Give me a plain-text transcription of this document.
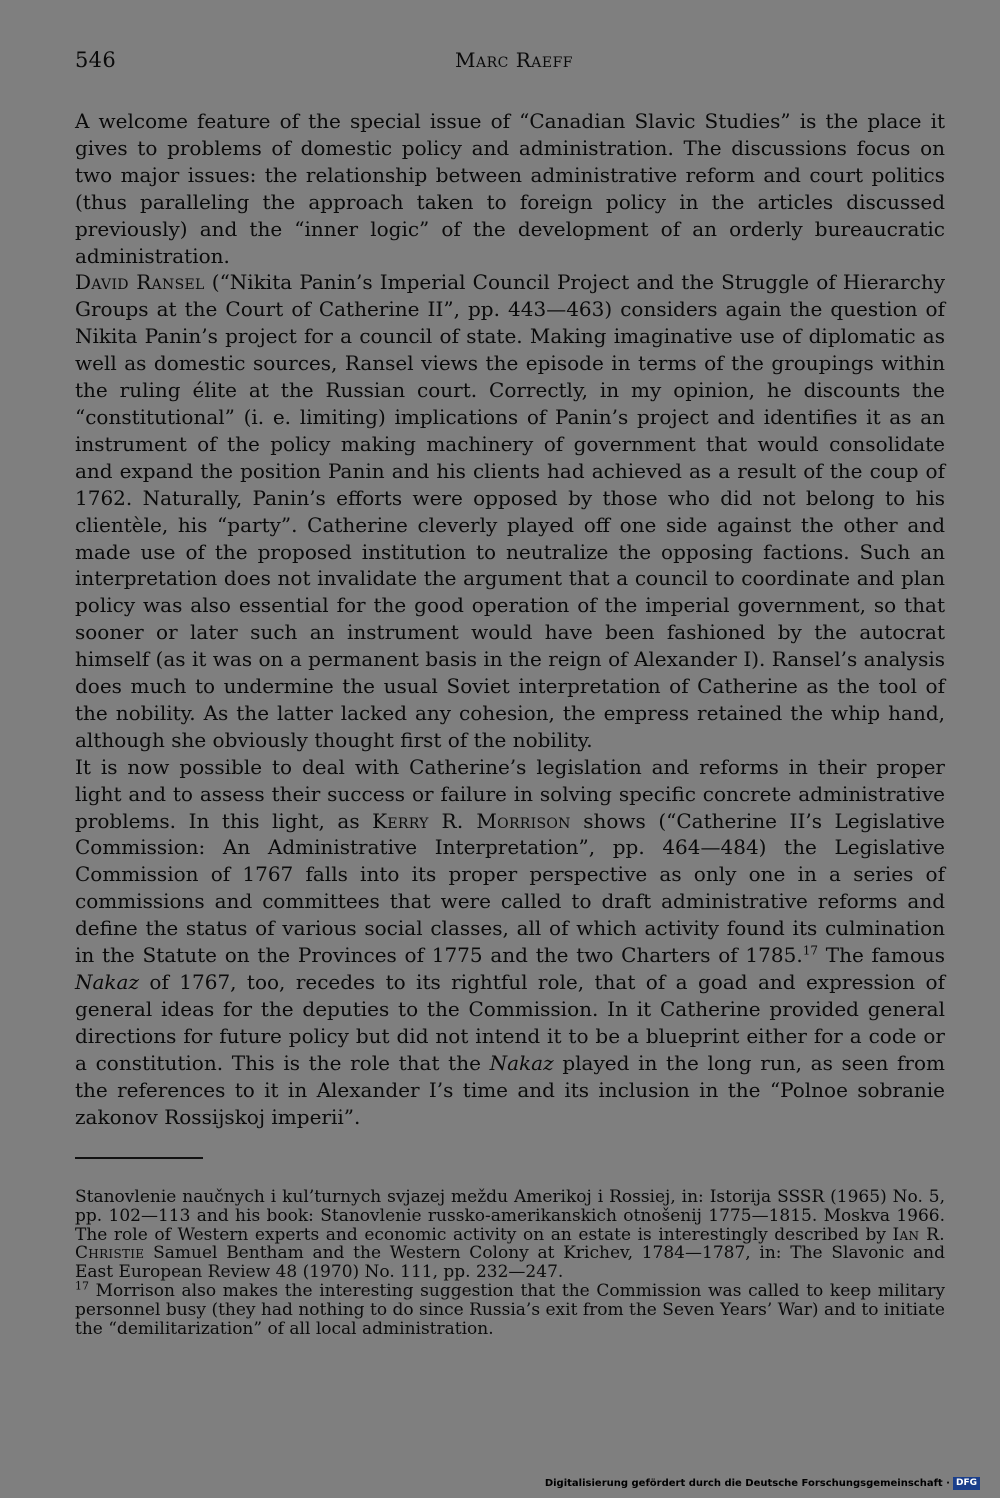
546	Marc Raeff

A welcome feature of the special issue of “Canadian Slavic Studies” is the place it gives to problems of domestic policy and administration. The discussions focus on two major issues: the relationship between administrative reform and court politics (thus paralleling the approach taken to foreign policy in the articles discussed previously) and the “inner logic” of the development of an orderly bureaucratic administration.

David Ransel (“Nikita Panin’s Imperial Council Project and the Struggle of Hierarchy Groups at the Court of Catherine II”, pp. 443—463) considers again the question of Nikita Panin’s project for a council of state. Making imaginative use of diplomatic as well as domestic sources, Ransel views the episode in terms of the groupings within the ruling élite at the Russian court. Correctly, in my opinion, he discounts the “constitutional” (i. e. limiting) implications of Panin’s project and identifies it as an instrument of the policy making machinery of government that would consolidate and expand the position Panin and his clients had achieved as a result of the coup of 1762. Naturally, Panin’s efforts were opposed by those who did not belong to his clientèle, his “party”. Catherine cleverly played off one side against the other and made use of the proposed institution to neutralize the opposing factions. Such an interpretation does not invalidate the argument that a council to coordinate and plan policy was also essential for the good operation of the imperial government, so that sooner or later such an instrument would have been fashioned by the autocrat himself (as it was on a permanent basis in the reign of Alexander I). Ransel’s analysis does much to undermine the usual Soviet interpretation of Catherine as the tool of the nobility. As the latter lacked any cohesion, the empress retained the whip hand, although she obviously thought first of the nobility.

It is now possible to deal with Catherine’s legislation and reforms in their proper light and to assess their success or failure in solving specific concrete administrative problems. In this light, as Kerry R. Morrison shows (“Catherine II’s Legislative Commission: An Administrative Interpretation”, pp. 464—484) the Legislative Commission of 1767 falls into its proper perspective as only one in a series of commissions and committees that were called to draft administrative reforms and define the status of various social classes, all of which activity found its culmination in the Statute on the Provinces of 1775 and the two Charters of 1785.17 The famous Nakaz of 1767, too, recedes to its rightful role, that of a goad and expression of general ideas for the deputies to the Commission. In it Catherine provided general directions for future policy but did not intend it to be a blueprint either for a code or a constitution. This is the role that the Nakaz played in the long run, as seen from the references to it in Alexander I’s time and its inclusion in the “Polnoe sobranie zakonov Rossijskoj imperii”.

Stanovlenie naučnych i kul’turnych svjazej meždu Amerikoj i Rossiej, in: Istorija SSSR (1965) No. 5, pp. 102—113 and his book: Stanovlenie russko-amerikanskich otnošenij 1775—1815. Moskva 1966. The role of Western experts and economic activity on an estate is interestingly described by Ian R. Christie Samuel Bentham and the Western Colony at Krichev, 1784—1787, in: The Slavonic and East European Review 48 (1970) No. 111, pp. 232—247.

$^{17}$ Morrison also makes the interesting suggestion that the Commission was called to keep military personnel busy (they had nothing to do since Russia’s exit from the Seven Years’ War) and to initiate the “demilitarization” of all local administration.

Digitalisierung gefördert durch die Deutsche Forschungsgemeinschaft · DFG
